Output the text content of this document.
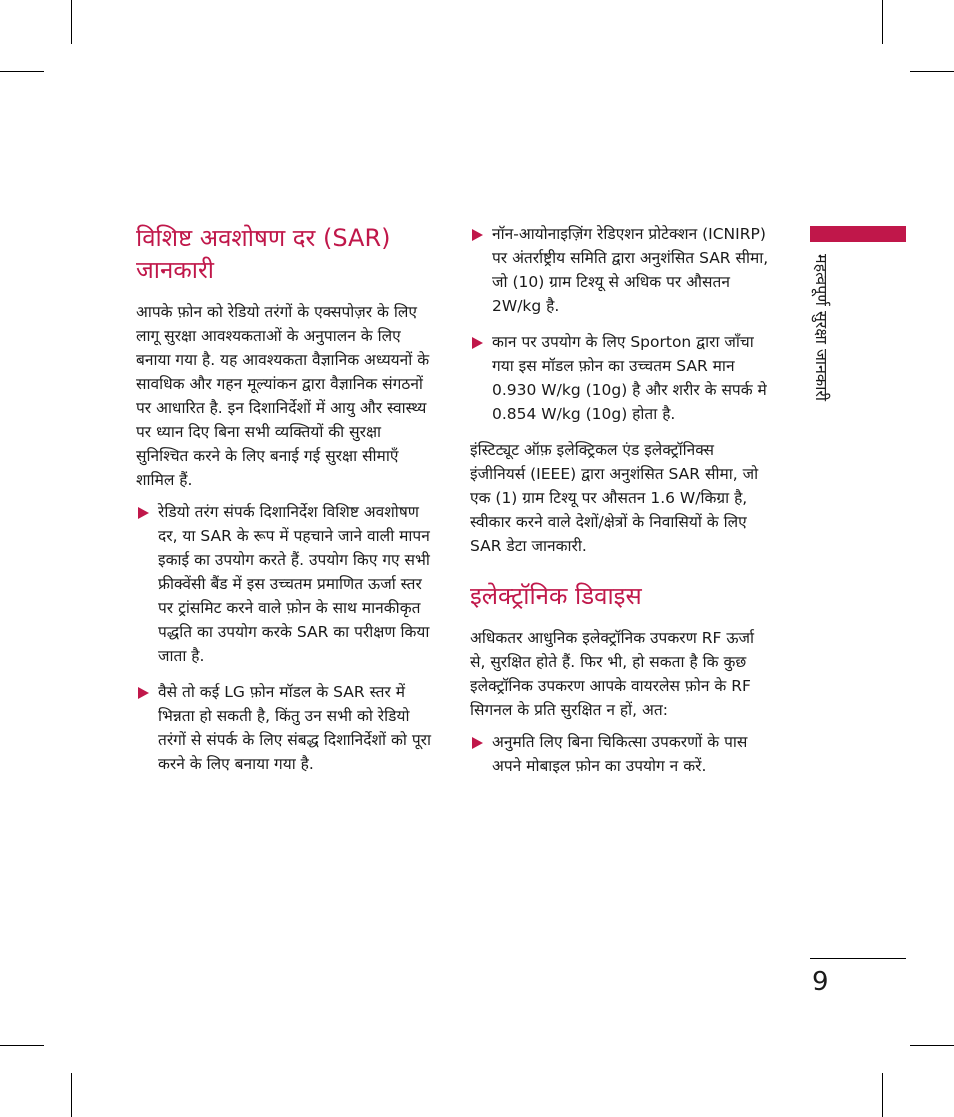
विशिष्ट अवशोषण दर (SAR) जानकारी

आपके फ़ोन को रेडियो तरंगों के एक्सपोज़र के लिए लागू सुरक्षा आवश्यकताओं के अनुपालन के लिए बनाया गया है. यह आवश्यकता वैज्ञानिक अध्ययनों के सावधिक और गहन मूल्यांकन द्वारा वैज्ञानिक संगठनों पर आधारित है. इन दिशानिर्देशों में आयु और स्वास्थ्य पर ध्यान दिए बिना सभी व्यक्तियों की सुरक्षा सुनिश्चित करने के लिए बनाई गई सुरक्षा सीमाएँ शामिल हैं.

रेडियो तरंग संपर्क दिशानिर्देश विशिष्ट अवशोषण दर, या SAR के रूप में पहचाने जाने वाली मापन इकाई का उपयोग करते हैं. उपयोग किए गए सभी फ्रीक्वेंसी बैंड में इस उच्चतम प्रमाणित ऊर्जा स्तर पर ट्रांसमिट करने वाले फ़ोन के साथ मानकीकृत पद्धति का उपयोग करके SAR का परीक्षण किया जाता है.
वैसे तो कई LG फ़ोन मॉडल के SAR स्तर में भिन्नता हो सकती है, किंतु उन सभी को रेडियो तरंगों से संपर्क के लिए संबद्ध दिशानिर्देशों को पूरा करने के लिए बनाया गया है.
नॉन-आयोनाइज़िंग रेडिएशन प्रोटेक्शन (ICNIRP) पर अंतर्राष्ट्रीय समिति द्वारा अनुशंसित SAR सीमा, जो (10) ग्राम टिश्यू से अधिक पर औसतन 2W/kg है.
कान पर उपयोग के लिए Sporton द्वारा जाँचा गया इस मॉडल फ़ोन का उच्चतम SAR मान 0.930 W/kg (10g) है और शरीर के सपर्क मे 0.854 W/kg (10g) होता है.

इंस्टिट्यूट ऑफ़ इलेक्ट्रिकल एंड इलेक्ट्रॉनिक्स इंजीनियर्स (IEEE) द्वारा अनुशंसित SAR सीमा, जो एक (1) ग्राम टिश्यू पर औसतन 1.6 W/किग्रा है, स्वीकार करने वाले देशों/क्षेत्रों के निवासियों के लिए SAR डेटा जानकारी.

इलेक्ट्रॉनिक डिवाइस

अधिकतर आधुनिक इलेक्ट्रॉनिक उपकरण RF ऊर्जा से, सुरक्षित होते हैं. फिर भी, हो सकता है कि कुछ इलेक्ट्रॉनिक उपकरण आपके वायरलेस फ़ोन के RF सिगनल के प्रति सुरक्षित न हों, अत:

अनुमति लिए बिना चिकित्सा उपकरणों के पास अपने मोबाइल फ़ोन का उपयोग न करें.
महत्वपूर्ण सुरक्षा जानकारी
9
